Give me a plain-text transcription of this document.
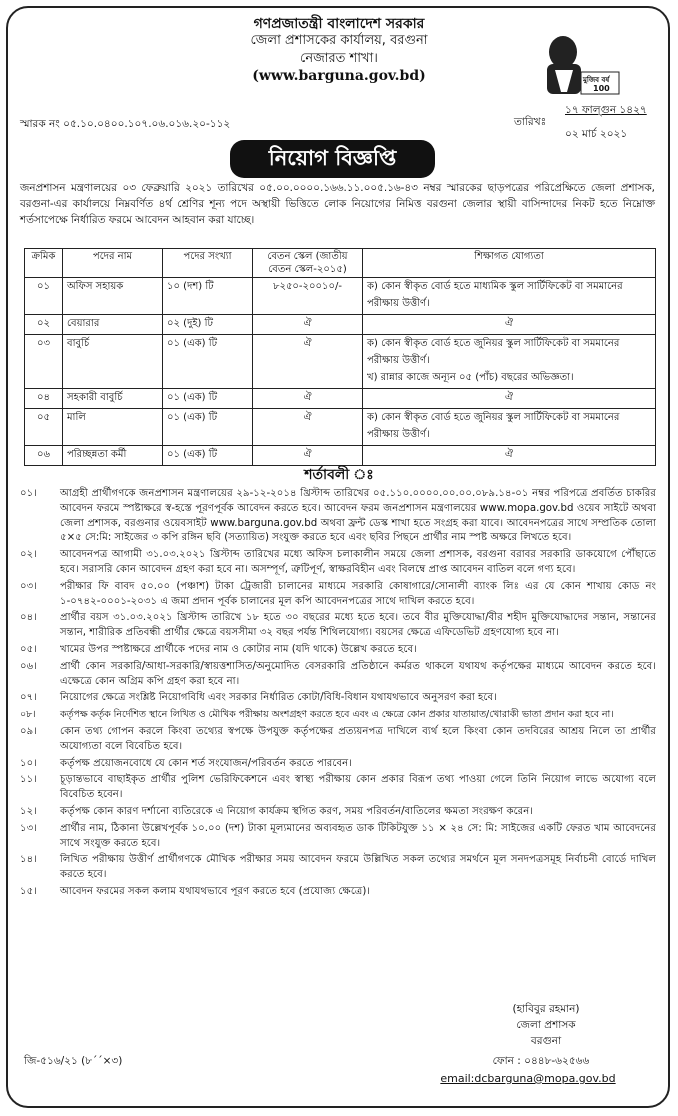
গণপ্রজাতন্ত্রী বাংলাদেশ সরকার
জেলা প্রশাসকের কার্যালয়, বরগুনা
নেজারত শাখা।
(www.barguna.gov.bd)	মুজিব বর্ষ
100
স্মারক নং ০৫.১০.০৪০০.১০৭.০৬.০১৬.২০-১১২
১৭ ফাল্গুন ১৪২৭
তারিখঃ
০২ মার্চ ২০২১
নিয়োগ বিজ্ঞপ্তি
জনপ্রশাসন মন্ত্রণালয়ের ০৩ ফেব্রুয়ারি ২০২১ তারিখের ০৫.০০.০০০০.১৬৬.১১.০০৫.১৬-৪৩ নম্বর স্মারকের ছাড়পত্রের পরিপ্রেক্ষিতে জেলা প্রশাসক, বরগুনা-এর কার্যালয়ে নিম্নবর্ণিত ৪র্থ শ্রেণির শূন্য পদে অস্থায়ী ভিত্তিতে লোক নিয়োগের নিমিত্ত বরগুনা জেলার স্থায়ী বাসিন্দাদের নিকট হতে নিম্নোক্ত শর্তসাপেক্ষে নির্ধারিত ফরমে আবেদন আহবান করা যাচ্ছে।
ক্রমিক	পদের নাম	পদের সংখ্যা	বেতন স্কেল (জাতীয় বেতন স্কেল-২০১৫)	শিক্ষাগত যোগ্যতা
০১	অফিস সহায়ক	১০ (দশ) টি	৮২৫০-২০০১০/-	ক) কোন স্বীকৃত বোর্ড হতে মাধ্যমিক স্কুল সার্টিফিকেট বা সমমানের পরীক্ষায় উত্তীর্ণ।
০২	বেয়ারার	০২ (দুই) টি	ঐ	ঐ
০৩	বাবুর্চি	০১ (এক) টি	ঐ	ক) কোন স্বীকৃত বোর্ড হতে জুনিয়র স্কুল সার্টিফিকেট বা সমমানের পরীক্ষায় উত্তীর্ণ।
খ) রান্নার কাজে অন্যূন ০৫ (পাঁচ) বছরের অভিজ্ঞতা।

০৪	সহকারী বাবুর্চি	০১ (এক) টি	ঐ	ঐ
০৫	মালি	০১ (এক) টি	ঐ	ক) কোন স্বীকৃত বোর্ড হতে জুনিয়র স্কুল সার্টিফিকেট বা সমমানের পরীক্ষায় উত্তীর্ণ।
০৬	পরিচ্ছন্নতা কর্মী	০১ (এক) টি	ঐ	ঐ
শর্তাবলী ঃ
০১।	আগ্রহী প্রার্থীগণকে জনপ্রশাসন মন্ত্রণালয়ের ২৯-১২-২০১৪ খ্রিস্টাব্দ তারিখের ০৫.১১০.০০০০.০০.০০.০৮৯.১৪-০১ নম্বর পরিপত্রে প্রবর্তিত চাকরির আবেদন ফরমে স্পষ্টাক্ষরে স্ব-হস্তে পূরণপূর্বক আবেদন করতে হবে। আবেদন ফরম জনপ্রশাসন মন্ত্রণালয়ের www.mopa.gov.bd ওয়েব সাইটে অথবা জেলা প্রশাসক, বরগুনার ওয়েবসাইট www.barguna.gov.bd অথবা ফ্রন্ট ডেস্ক শাখা হতে সংগ্রহ করা যাবে। আবেদনপত্রের সাথে সম্প্রতিক তোলা ৫×৫ সে:মি: সাইজের ৩ কপি রঙ্গিন ছবি (সত্যায়িত) সংযুক্ত করতে হবে এবং ছবির পিছনে প্রার্থীর নাম স্পষ্ট অক্ষরে লিখতে হবে।
০২।	আবেদনপত্র আগামী ৩১.০৩.২০২১ খ্রিস্টাব্দ তারিখের মধ্যে অফিস চলাকালীন সময়ে জেলা প্রশাসক, বরগুনা বরাবর সরকারি ডাকযোগে পৌঁছাতে হবে। সরাসরি কোন আবেদন গ্রহণ করা হবে না। অসম্পূর্ণ, ত্রুটিপূর্ণ, স্বাক্ষরবিহীন এবং বিলম্বে প্রাপ্ত আবেদন বাতিল বলে গণ্য হবে।
০৩।	পরীক্ষার ফি বাবদ ৫০.০০ (পঞ্চাশ) টাকা ট্রেজারী চালানের মাধ্যমে সরকারি কোষাগারে/সোনালী ব্যাংক লিঃ এর যে কোন শাখায় কোড নং ১-০৭৪২-০০০১-২০৩১ এ জমা প্রদান পূর্বক চালানের মূল কপি আবেদনপত্রের সাথে দাখিল করতে হবে।
০৪।	প্রার্থীর বয়স ৩১.০৩.২০২১ খ্রিস্টাব্দ তারিখে ১৮ হতে ৩০ বছরের মধ্যে হতে হবে। তবে বীর মুক্তিযোদ্ধা/বীর শহীদ মুক্তিযোদ্ধাদের সন্তান, সন্তানের সন্তান, শারীরিক প্রতিবন্ধী প্রার্থীর ক্ষেত্রে বয়সসীমা ৩২ বছর পর্যন্ত শিথিলযোগ্য। বয়সের ক্ষেত্রে এফিডেভিট গ্রহণযোগ্য হবে না।
০৫।	খামের উপর স্পষ্টাক্ষরে প্রার্থীকে পদের নাম ও কোটার নাম (যদি থাকে) উল্লেখ করতে হবে।
০৬।	প্রার্থী কোন সরকারি/আধা-সরকারি/স্বায়ত্তশাসিত/অনুমোদিত বেসরকারি প্রতিষ্ঠানে কর্মরত থাকলে যথাযথ কর্তৃপক্ষের মাধ্যমে আবেদন করতে হবে। এক্ষেত্রে কোন অগ্রিম কপি গ্রহণ করা হবে না।
০৭।	নিয়োগের ক্ষেত্রে সংশ্লিষ্ট নিয়োগবিধি এবং সরকার নির্ধারিত কোটা/বিধি-বিধান যথাযথভাবে অনুসরণ করা হবে।
০৮।	কর্তৃপক্ষ কর্তৃক নির্দেশিত স্থানে লিখিত ও মৌখিক পরীক্ষায় অংশগ্রহণ করতে হবে এবং এ ক্ষেত্রে কোন প্রকার যাতায়াত/খোরাকী ভাতা প্রদান করা হবে না।
০৯।	কোন তথ্য গোপন করলে কিংবা তথ্যের স্বপক্ষে উপযুক্ত কর্তৃপক্ষের প্রত্যয়নপত্র দাখিলে ব্যর্থ হলে কিংবা কোন তদবিরের আশ্রয় নিলে তা প্রার্থীর অযোগ্যতা বলে বিবেচিত হবে।
১০।	কর্তৃপক্ষ প্রয়োজনবোধে যে কোন শর্ত সংযোজন/পরিবর্তন করতে পারবেন।
১১।	চূড়ান্তভাবে বাছাইকৃত প্রার্থীর পুলিশ ভেরিফিকেশনে এবং স্বাস্থ্য পরীক্ষায় কোন প্রকার বিরূপ তথ্য পাওয়া গেলে তিনি নিয়োগ লাভে অযোগ্য বলে বিবেচিত হবেন।
১২।	কর্তৃপক্ষ কোন কারণ দর্শানো ব্যতিরেকে এ নিয়োগ কার্যক্রম স্থগিত করণ, সময় পরিবর্তন/বাতিলের ক্ষমতা সংরক্ষণ করেন।
১৩।	প্রার্থীর নাম, ঠিকানা উল্লেখপূর্বক ১০.০০ (দশ) টাকা মূল্যমানের অব্যবহৃত ডাক টিকিটযুক্ত ১১ × ২৪ সে: মি: সাইজের একটি ফেরত খাম আবেদনের সাথে সংযুক্ত করতে হবে।
১৪।	লিখিত পরীক্ষায় উত্তীর্ণ প্রার্থীগণকে মৌখিক পরীক্ষার সময় আবেদন ফরমে উল্লিখিত সকল তথ্যের সমর্থনে মূল সনদপত্রসমূহ নির্বাচনী বোর্ডে দাখিল করতে হবে।
১৫।	আবেদন ফরমের সকল কলাম যথাযথভাবে পূরণ করতে হবে (প্রযোজ্য ক্ষেত্রে)।
(হাবিবুর রহমান)
জেলা প্রশাসক
বরগুনা
জি-৫১৬/২১ (৮´´×৩)	ফোন : ০৪৪৮-৬২৫৬৬
email:dcbarguna@mopa.gov.bd
